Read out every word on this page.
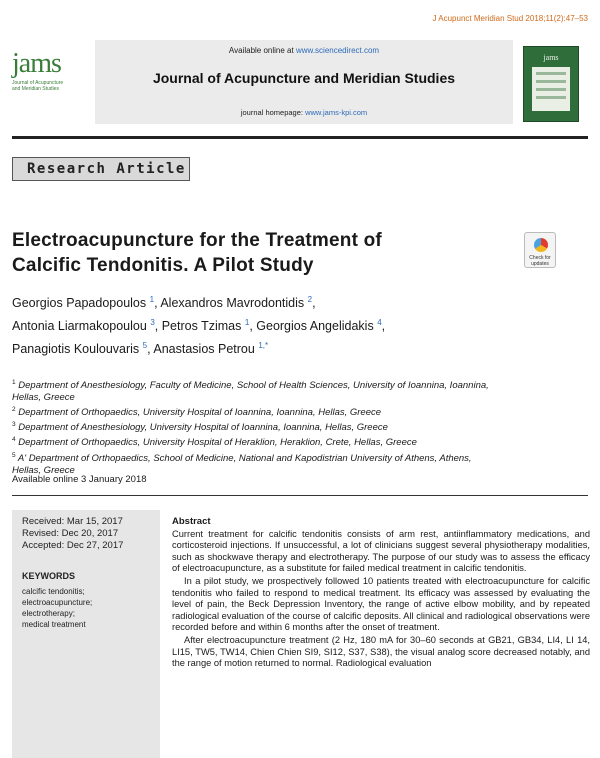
J Acupunct Meridian Stud 2018;11(2):47–53
jams
Journal of Acupuncture
and Meridian Studies
Available online at www.sciencedirect.com
Journal of Acupuncture and Meridian Studies
journal homepage: www.jams-kpi.com
jams
Research Article
Electroacupuncture for the Treatment of
Calcific Tendonitis. A Pilot Study	Check for
updates
Georgios Papadopoulos $^1$, Alexandros Mavrodontidis $^2$,
Antonia Liarmakopoulou $^3$, Petros Tzimas $^1$, Georgios Angelidakis $^4$,
Panagiotis Koulouvaris $^5$, Anastasios Petrou $^{1,*}$
$^1$ Department of Anesthesiology, Faculty of Medicine, School of Health Sciences, University of Ioannina, Ioannina, Hellas, Greece
$^2$ Department of Orthopaedics, University Hospital of Ioannina, Ioannina, Hellas, Greece
$^3$ Department of Anesthesiology, University Hospital of Ioannina, Ioannina, Hellas, Greece
$^4$ Department of Orthopaedics, University Hospital of Heraklion, Heraklion, Crete, Hellas, Greece
$^5$ A' Department of Orthopaedics, School of Medicine, National and Kapodistrian University of Athens, Athens, Hellas, Greece
Available online 3 January 2018
Received: Mar 15, 2017
Revised: Dec 20, 2017
Accepted: Dec 27, 2017
KEYWORDS
calcific tendonitis;
electroacupuncture;
electrotherapy;
medical treatment
Abstract

Current treatment for calcific tendonitis consists of arm rest, antiinflammatory medications, and corticosteroid injections. If unsuccessful, a lot of clinicians suggest several physiotherapy modalities, such as shockwave therapy and electrotherapy. The purpose of our study was to assess the efficacy of electroacupuncture, as a substitute for failed medical treatment in calcific tendonitis.

In a pilot study, we prospectively followed 10 patients treated with electroacupuncture for calcific tendonitis who failed to respond to medical treatment. Its efficacy was assessed by evaluating the level of pain, the Beck Depression Inventory, the range of active elbow mobility, and by repeated radiological evaluation of the course of calcific deposits. All clinical and radiological observations were recorded before and within 6 months after the onset of treatment.

After electroacupuncture treatment (2 Hz, 180 mA for 30–60 seconds at GB21, GB34, LI4, LI 14, LI15, TW5, TW14, Chien Chien SI9, SI12, S37, S38), the visual analog score decreased notably, and the range of motion returned to normal. Radiological evaluation
